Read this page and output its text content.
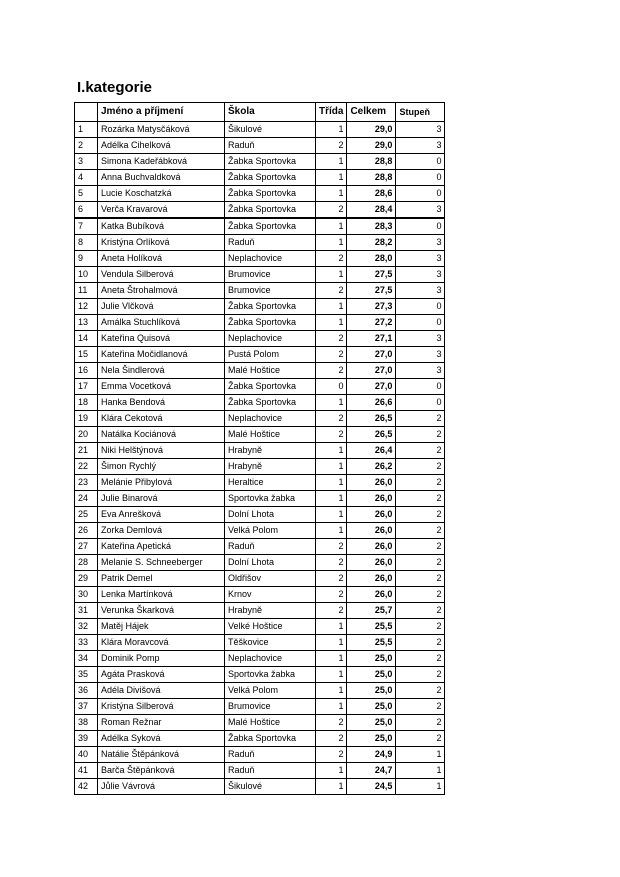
I.kategorie
	Jméno a příjmení	Škola	Třída	Celkem	Stupeň
1	Rozárka Matysčáková	Šikulové	1	29,0	3
2	Adélka Cihelková	Raduň	2	29,0	3
3	Simona Kadeřábková	Žabka Sportovka	1	28,8	0
4	Anna Buchvaldková	Žabka Sportovka	1	28,8	0
5	Lucie Koschatzká	Žabka Sportovka	1	28,6	0
6	Verča Kravarová	Žabka Sportovka	2	28,4	3
7	Katka Bubíková	Žabka Sportovka	1	28,3	0
8	Kristýna Orlíková	Raduň	1	28,2	3
9	Aneta Holíková	Neplachovice	2	28,0	3
10	Vendula Silberová	Brumovice	1	27,5	3
11	Aneta Štrohalmová	Brumovice	2	27,5	3
12	Julie Vlčková	Žabka Sportovka	1	27,3	0
13	Amálka Stuchlíková	Žabka Sportovka	1	27,2	0
14	Kateřina Quisová	Neplachovice	2	27,1	3
15	Kateřina Močidlanová	Pustá Polom	2	27,0	3
16	Nela Šindlerová	Malé Hoštice	2	27,0	3
17	Emma Vocetková	Žabka Sportovka	0	27,0	0
18	Hanka Bendová	Žabka Sportovka	1	26,6	0
19	Klára Cekotová	Neplachovice	2	26,5	2
20	Natálka Kociánová	Malé Hoštice	2	26,5	2
21	Niki Helštýnová	Hrabyně	1	26,4	2
22	Šimon Rychlý	Hrabyně	1	26,2	2
23	Melánie Přibylová	Heraltice	1	26,0	2
24	Julie Binarová	Sportovka žabka	1	26,0	2
25	Eva Anrešková	Dolní Lhota	1	26,0	2
26	Zorka Demlová	Velká Polom	1	26,0	2
27	Kateřina Apetická	Raduň	2	26,0	2
28	Melanie S. Schneeberger	Dolní Lhota	2	26,0	2
29	Patrik Demel	Oldřišov	2	26,0	2
30	Lenka Martínková	Krnov	2	26,0	2
31	Verunka Škarková	Hrabyně	2	25,7	2
32	Matěj Hájek	Velké Hoštice	1	25,5	2
33	Klára Moravcová	Těškovice	1	25,5	2
34	Dominik Pomp	Neplachovice	1	25,0	2
35	Agáta Prasková	Sportovka žabka	1	25,0	2
36	Adéla Divišová	Velká Polom	1	25,0	2
37	Kristýna Silberová	Brumovice	1	25,0	2
38	Roman Režnar	Malé Hoštice	2	25,0	2
39	Adélka Syková	Žabka Sportovka	2	25,0	2
40	Natálie Štěpánková	Raduň	2	24,9	1
41	Barča Štěpánková	Raduň	1	24,7	1
42	Jůlie Vávrová	Šikulové	1	24,5	1
